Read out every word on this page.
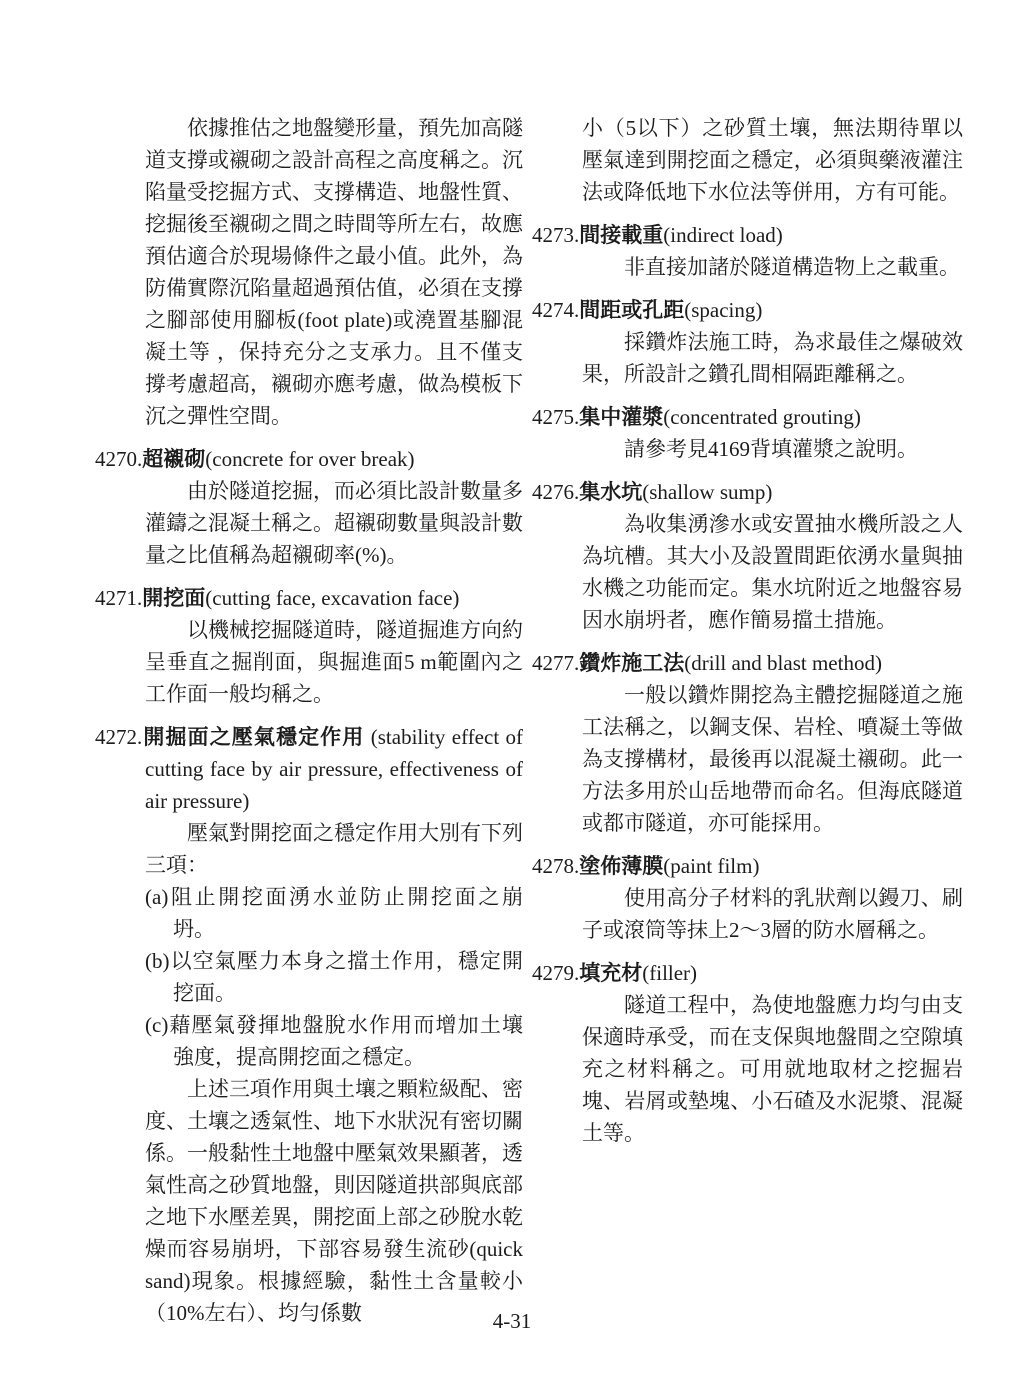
依據推估之地盤變形量，預先加高隧道支撐或襯砌之設計高程之高度稱之。沉陷量受挖掘方式、支撐構造、地盤性質、挖掘後至襯砌之間之時間等所左右，故應預估適合於現場條件之最小值。此外，為防備實際沉陷量超過預估值，必須在支撐之腳部使用腳板(foot plate)或澆置基腳混凝土等 ，保持充分之支承力。且不僅支撐考慮超高，襯砌亦應考慮，做為模板下沉之彈性空間。

4270.超襯砌(concrete for over break)

由於隧道挖掘，而必須比設計數量多灌鑄之混凝土稱之。超襯砌數量與設計數量之比值稱為超襯砌率(%)。

4271.開挖面(cutting face, excavation face)

以機械挖掘隧道時，隧道掘進方向約呈垂直之掘削面，與掘進面5 m範圍內之工作面一般均稱之。

4272.開掘面之壓氣穩定作用 (stability effect of cutting face by air pressure, effectiveness of air pressure)

壓氣對開挖面之穩定作用大別有下列三項：

(a)阻止開挖面湧水並防止開挖面之崩坍。

(b)以空氣壓力本身之擋土作用，穩定開挖面。

(c)藉壓氣發揮地盤脫水作用而增加土壤強度，提高開挖面之穩定。

上述三項作用與土壤之顆粒級配、密度、土壤之透氣性、地下水狀況有密切關係。一般黏性土地盤中壓氣效果顯著，透氣性高之砂質地盤，則因隧道拱部與底部之地下水壓差異，開挖面上部之砂脫水乾燥而容易崩坍，下部容易發生流砂(quick sand)現象。根據經驗，黏性土含量較小（10%左右）、均勻係數

小（5以下）之砂質土壤，無法期待單以壓氣達到開挖面之穩定，必須與藥液灌注法或降低地下水位法等併用，方有可能。

4273.間接載重(indirect load)

非直接加諸於隧道構造物上之載重。

4274.間距或孔距(spacing)

採鑽炸法施工時，為求最佳之爆破效果，所設計之鑽孔間相隔距離稱之。

4275.集中灌漿(concentrated grouting)

請參考見4169背填灌漿之說明。

4276.集水坑(shallow sump)

為收集湧滲水或安置抽水機所設之人為坑槽。其大小及設置間距依湧水量與抽水機之功能而定。集水坑附近之地盤容易因水崩坍者，應作簡易擋土措施。

4277.鑽炸施工法(drill and blast method)

一般以鑽炸開挖為主體挖掘隧道之施工法稱之，以鋼支保、岩栓、噴凝土等做為支撐構材，最後再以混凝土襯砌。此一方法多用於山岳地帶而命名。但海底隧道或都市隧道，亦可能採用。

4278.塗佈薄膜(paint film)

使用高分子材料的乳狀劑以鏝刀、刷子或滾筒等抹上2～3層的防水層稱之。

4279.填充材(filler)

隧道工程中，為使地盤應力均勻由支保適時承受，而在支保與地盤間之空隙填充之材料稱之。可用就地取材之挖掘岩塊、岩屑或墊塊、小石碴及水泥漿、混凝土等。

4-31
